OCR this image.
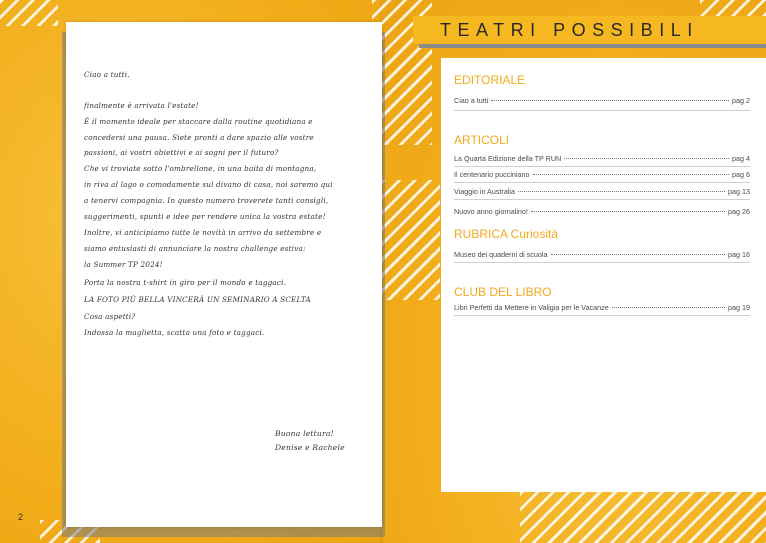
Ciao a tutti,
finalmente è arrivata l'estate!
È il momento ideale per staccare dalla routine quotidiana e
concedersi una pausa. Siete pronti a dare spazio alle vostre
passioni, ai vostri obiettivi e ai sogni per il futuro?
Che vi troviate sotto l'ombrellone, in una baita di montagna,
in riva al lago o comodamente sul divano di casa, noi saremo qui
a tenervi compagnia. In questo numero troverete tanti consigli,
suggerimenti, spunti e idee per rendere unica la vostra estate!
Inoltre, vi anticipiamo tutte le novità in arrivo da settembre e
siamo entusiasti di annunciare la nostra challenge estiva:
la Summer TP 2024!
Porta la nostra t-shirt in giro per il mondo e taggaci.
LA FOTO PIÙ BELLA VINCERÀ UN SEMINARIO A SCELTA
Cosa aspetti?
Indossa la maglietta, scatta una foto e taggaci.
Buona lettura!
Denise e Rachele
2
TEATRI POSSIBILI
EDITORIALE
Ciao a tutti	pag 2
ARTICOLI
La Quarta Edizione della TP RUN	pag 4
Il centenario pucciniano	pag 6
Viaggio in Australia	pag 13
Nuovo anno giornalino!	pag 26
RUBRICA Curiosità
Museo dei quaderni di scuola	pag 16
CLUB DEL LIBRO
Libri Perfetti da Mettere in Valigia per le Vacanze	pag 19
